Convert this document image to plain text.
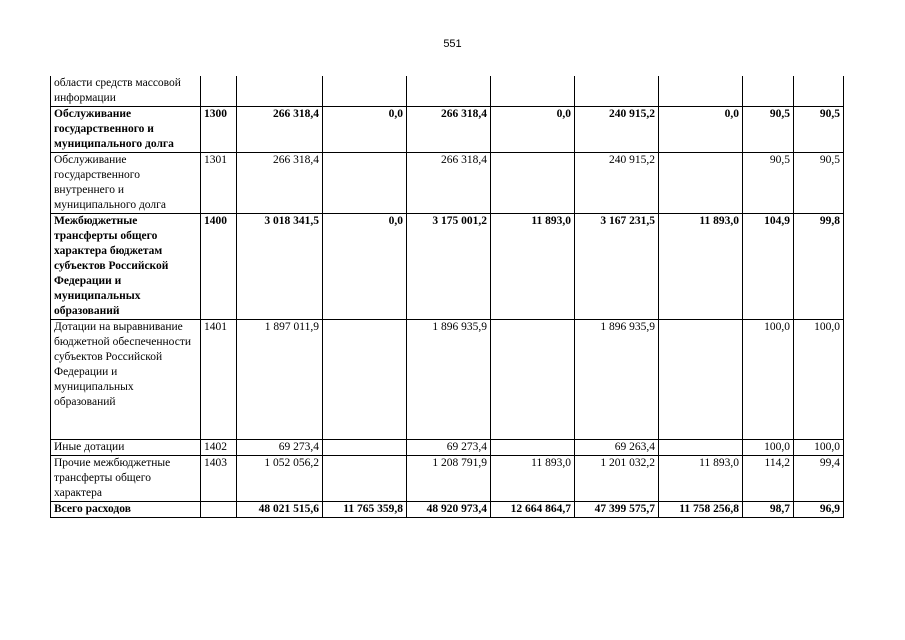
551
области средств массовой информации									
Обслуживание государственного и муниципального долга	1300	266 318,4	0,0	266 318,4	0,0	240 915,2	0,0	90,5	90,5
Обслуживание государственного внутреннего и муниципального долга	1301	266 318,4		266 318,4		240 915,2		90,5	90,5
Межбюджетные трансферты общего характера бюджетам субъектов Российской Федерации и муниципальных образований	1400	3 018 341,5	0,0	3 175 001,2	11 893,0	3 167 231,5	11 893,0	104,9	99,8
Дотации на выравнивание бюджетной обеспеченности субъектов Российской Федерации и муниципальных образований	1401	1 897 011,9		1 896 935,9		1 896 935,9		100,0	100,0
Иные дотации	1402	69 273,4		69 273,4		69 263,4		100,0	100,0
Прочие межбюджетные трансферты общего характера	1403	1 052 056,2		1 208 791,9	11 893,0	1 201 032,2	11 893,0	114,2	99,4
Всего расходов		48 021 515,6	11 765 359,8	48 920 973,4	12 664 864,7	47 399 575,7	11 758 256,8	98,7	96,9
